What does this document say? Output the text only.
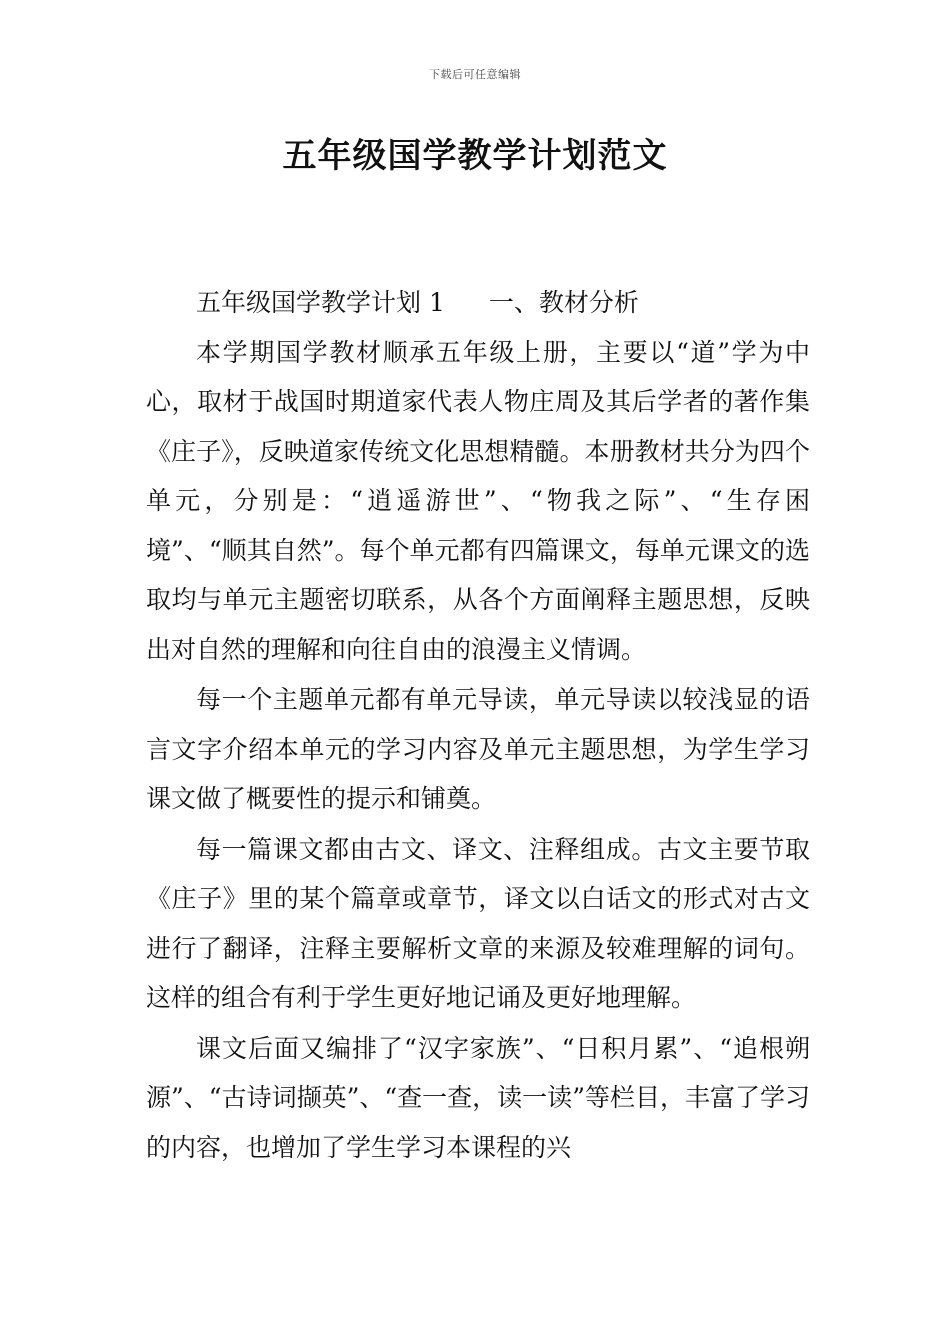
下载后可任意编辑
五年级国学教学计划范文

五年级国学教学计划 1 一、教材分析

本学期国学教材顺承五年级上册，主要以“道”学为中心，取材于战国时期道家代表人物庄周及其后学者的著作集《庄子》，反映道家传统文化思想精髓。本册教材共分为四个单元，分别是：“逍遥游世”、“物我之际”、“生存困境”、“顺其自然”。每个单元都有四篇课文，每单元课文的选取均与单元主题密切联系，从各个方面阐释主题思想，反映出对自然的理解和向往自由的浪漫主义情调。

每一个主题单元都有单元导读，单元导读以较浅显的语言文字介绍本单元的学习内容及单元主题思想，为学生学习课文做了概要性的提示和铺奠。

每一篇课文都由古文、译文、注释组成。古文主要节取《庄子》里的某个篇章或章节，译文以白话文的形式对古文进行了翻译，注释主要解析文章的来源及较难理解的词句。这样的组合有利于学生更好地记诵及更好地理解。

课文后面又编排了“汉字家族”、“日积月累”、“追根朔源”、“古诗词撷英”、“查一查，读一读”等栏目，丰富了学习的内容，也增加了学生学习本课程的兴
